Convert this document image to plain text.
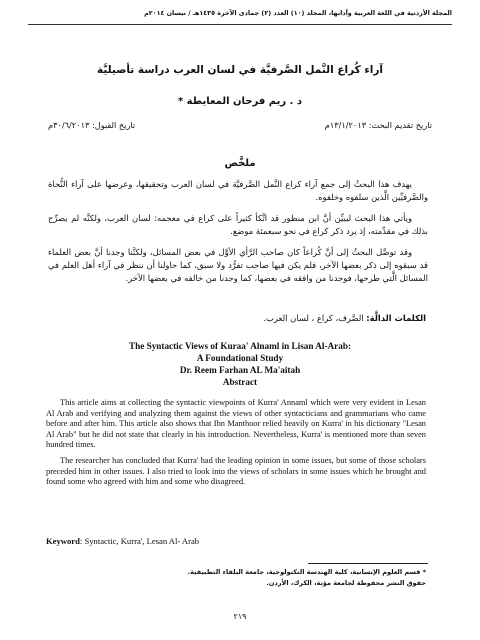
المجلة الأردنية في اللغة العربية وآدابها، المجلد (١٠) العدد (٢) جمادى الآخرة ١٤٣٥هـ / نيسان ٢٠١٤م
آراء كُراع النَّمل الصَّرفيَّة في لسان العرب دراسة تأصيليَّة
د . ريم فرحان المعايطة *
تاريخ تقديم البحث: ١٣/١/٢٠١٣م
تاريخ القبول: ٣٠/٦/٢٠١٣م
ملخَّص

يهدف هذا البحثُ إلى جمع آراء كراع النَّمل الصَّرفيَّة في لسان العرب وتحقيقها، وعرضها على آراء النُّحاة والصَّرفيِّين الَّذين سلفوه وخلفوه.

ويأتي هذا البحث ليبيِّن أنَّ ابن منظور قد اتَّكأ كثيراً على كراع في معجمه: لسان العرب، ولكنَّه لم يصرِّح بذلك في مقدِّمته، إذ يرد ذكر كراع في نحو سبعمئة موضع.

وقد توصَّل البحثُ إلى أنَّ كُراعاً كان صاحب الرَّأي الأوَّل في بعض المسائل، ولكنَّنا وجدنا أنَّ بعض العلماء قد سبقوه إلى ذكر بعضها الآخر، فلم يكن فيها صاحب تفرُّد ولا سبق، كما حاولنا أن ننظر في آراء أهل العلم في المسائل الَّتي طرحها، فوجدنا من وافقه في بعضها، كما وجدنا من خالفه في بعضها الآخر.

الكلمات الدالَّة: الصَّرف، كراع ، لسان العرب.
The Syntactic Views of Kuraa' Alnaml in Lisan Al-Arab:
A Foundational Study
Dr. Reem Farhan AL Ma'aitah
Abstract

This article aims at collecting the syntactic viewpoints of Kurra' Annaml which were very evident in Lesan Al Arab and verifying and analyzing them against the views of other syntacticians and grammarians who came before and after him. This article also shows that Ibn Manthoor relied heavily on Kurra' in his dictionary "Lesan Al Arab" but he did not state that clearly in his introduction. Nevertheless, Kurra' is mentioned more than seven hundred times.

The researcher has concluded that Kurra' had the leading opinion in some issues, but some of those scholars preceded him in other issues. I also tried to look into the views of scholars in some issues which he brought and found some who agreed with him and some who disagreed.

Keyword: Syntactic, Kurra', Lesan Al- Arab
* قسم العلوم الإنسانية، كلية الهندسة التكنولوجية، جامعة البلقاء التطبيقية.
حقوق النشر محفوظة لجامعة مؤتة، الكرك، الأردن.
٢١٩
